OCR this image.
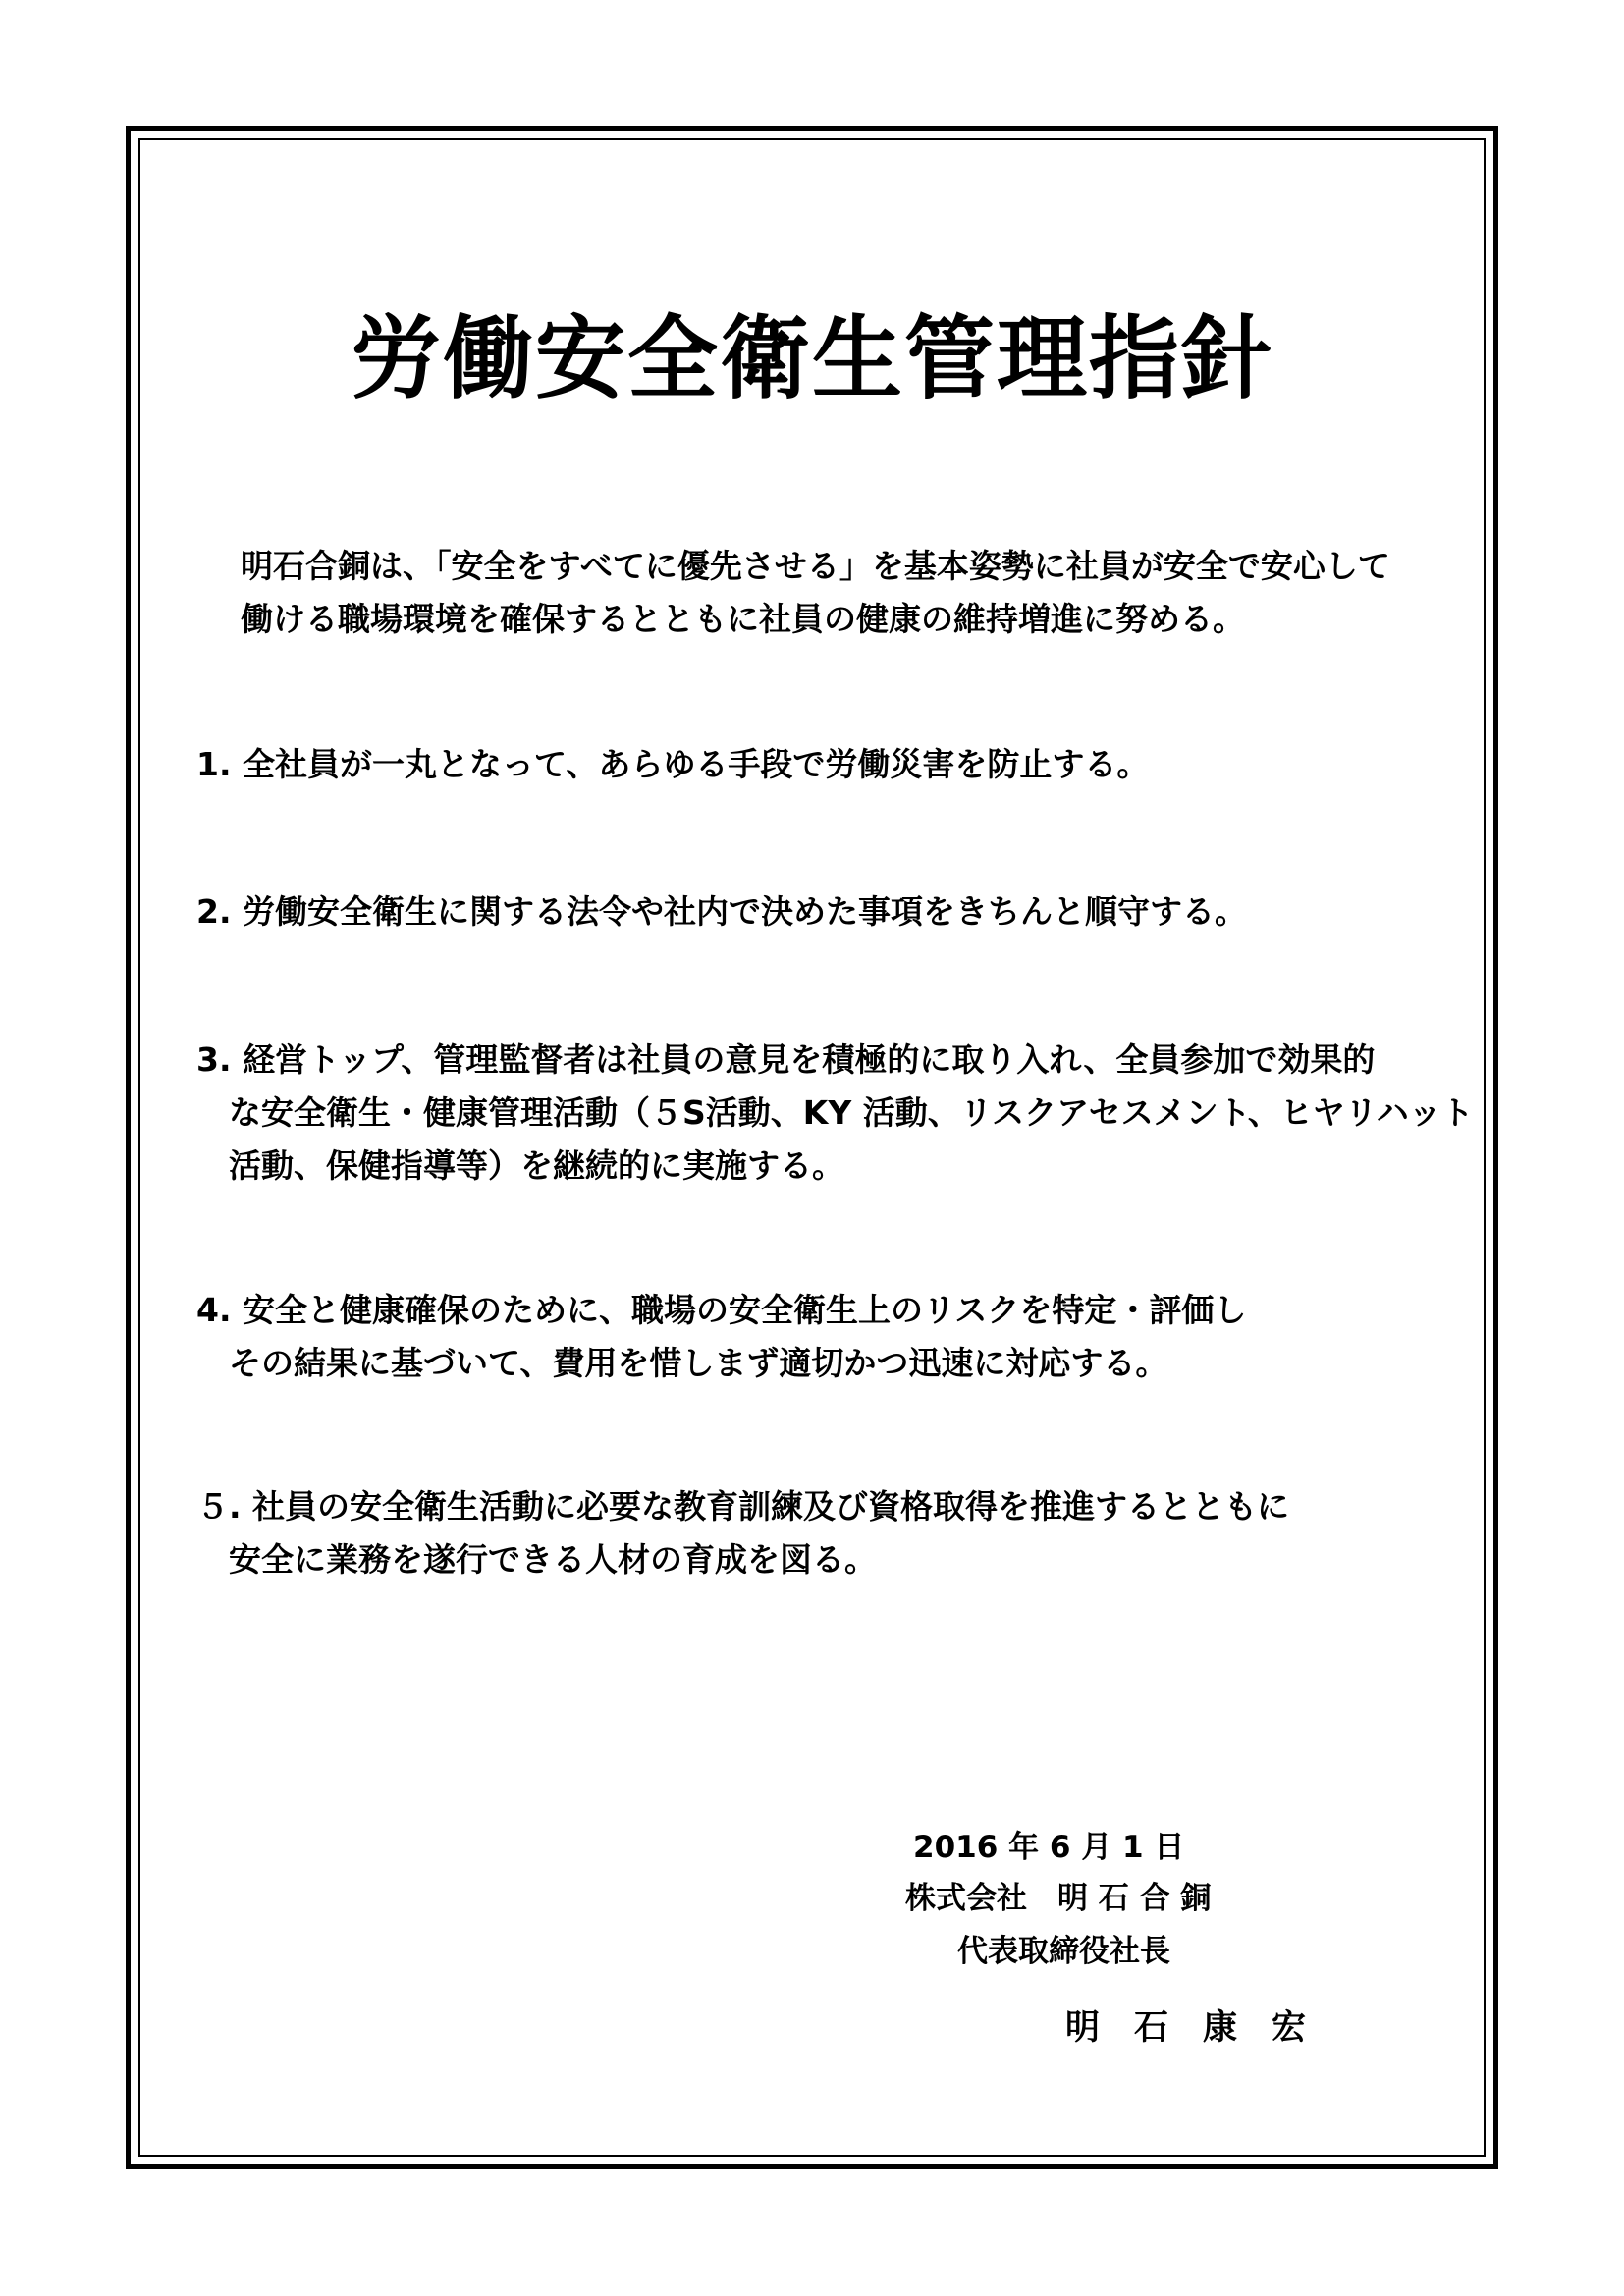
労働安全衛生管理指針
明石合銅は、「安全をすべてに優先させる」を基本姿勢に社員が安全で安心して
働ける職場環境を確保するとともに社員の健康の維持増進に努める。
1. 全社員が一丸となって、あらゆる手段で労働災害を防止する。
2. 労働安全衛生に関する法令や社内で決めた事項をきちんと順守する。
3. 経営トップ、管理監督者は社員の意見を積極的に取り入れ、全員参加で効果的
な安全衛生・健康管理活動（５S活動、KY 活動、リスクアセスメント、ヒヤリハット
活動、保健指導等）を継続的に実施する。
4. 安全と健康確保のために、職場の安全衛生上のリスクを特定・評価し
その結果に基づいて、費用を惜しまず適切かつ迅速に対応する。
５. 社員の安全衛生活動に必要な教育訓練及び資格取得を推進するとともに
安全に業務を遂行できる人材の育成を図る。
2016 年 6 月 1 日
株式会社　明 石 合 銅
代表取締役社長
明　石　康　宏
